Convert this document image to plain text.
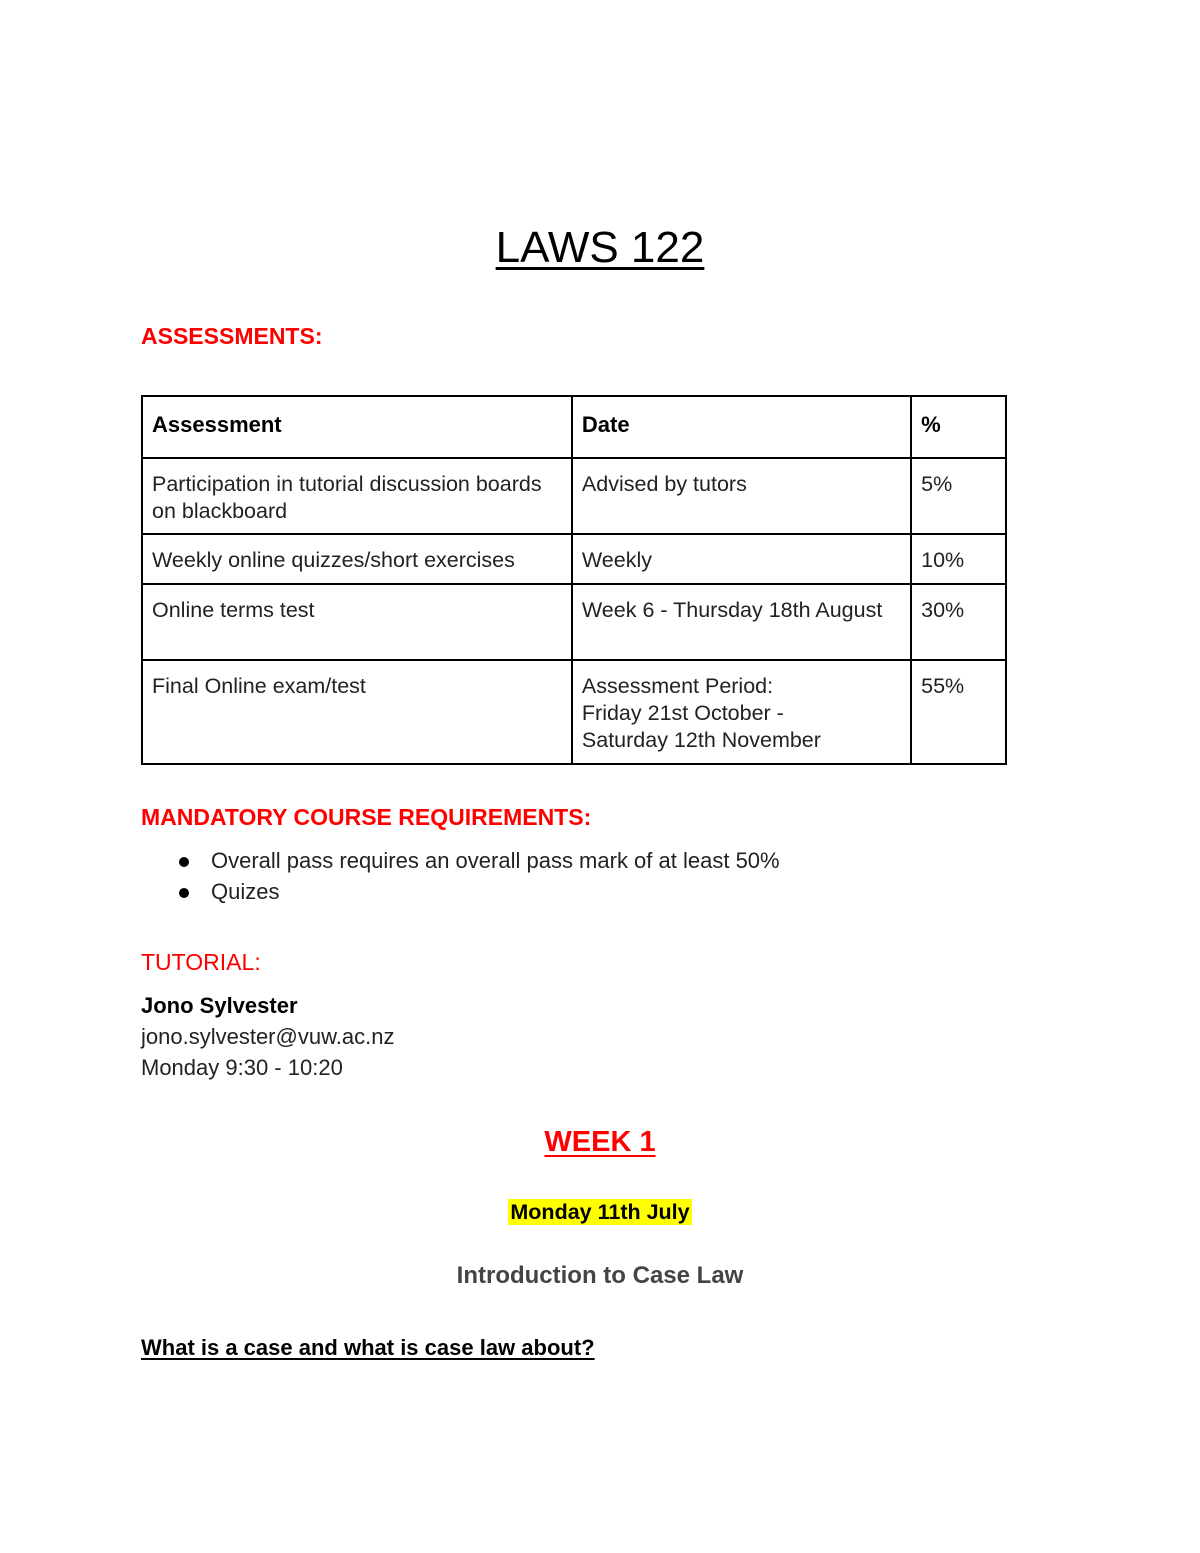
LAWS 122
ASSESSMENTS:
Assessment	Date	%
Participation in tutorial discussion boards on blackboard	Advised by tutors	5%
Weekly online quizzes/short exercises	Weekly	10%
Online terms test	Week 6 - Thursday 18th August	30%
Final Online exam/test	Assessment Period:
Friday 21st October -
Saturday 12th November	55%
MANDATORY COURSE REQUIREMENTS:
Overall pass requires an overall pass mark of at least 50%
Quizes
TUTORIAL:
Jono Sylvester
jono.sylvester@vuw.ac.nz
Monday 9:30 - 10:20
WEEK 1
Monday 11th July
Introduction to Case Law

What is a case and what is case law about?
